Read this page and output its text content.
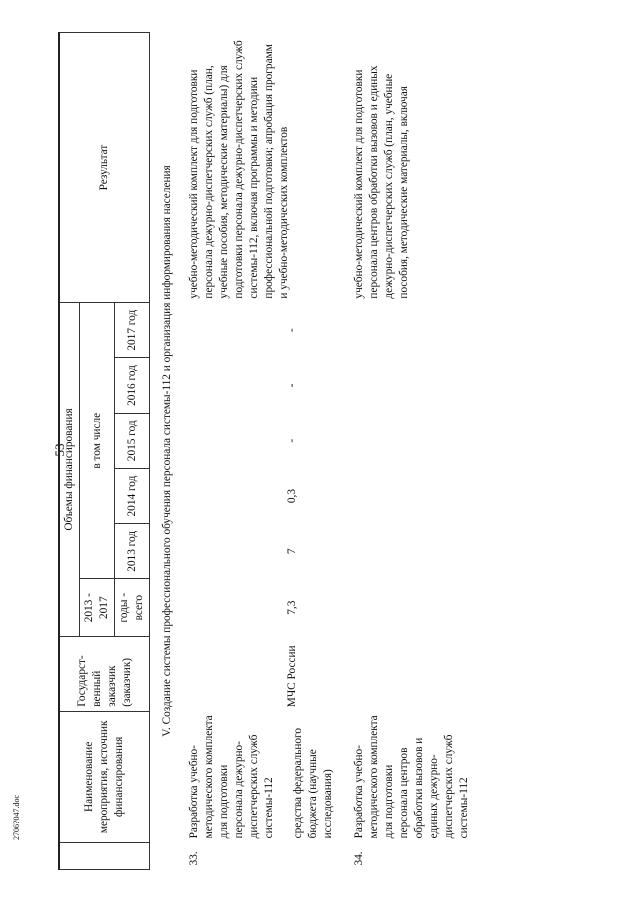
53
2706?047.doc
	Наименование мероприятия, источник финансирования	Государст-венный заказчик (заказчик)	Объемы финансирования						Результат
			2013 - 2017	в том числе					
			годы - всего	2013 год	2014 год	2015 год	2016 год	2017 год	
V. Создание системы профессионального обучения персонала системы-112 и организация информирования населения									
33.	Разработка учебно-методического комплекта для подготовки персонала дежурно-диспетчерских служб системы-112 средства федерального бюджета (научные исследования)	МЧС России	7,3	7	0,3	-	-	-	учебно-методический комплект для подготовки персонала дежурно-диспетчерских служб (план, учебные пособия, методические материалы) для подготовки персонала дежурно-диспетчерских служб системы-112, включая программы и методики профессиональной подготовки; апробация программ и учебно-методических комплектов
34.	Разработка учебно-методического комплекта для подготовки персонала центров обработки вызовов и единых дежурно-диспетчерских служб системы-112								учебно-методический комплект для подготовки персонала центров обработки вызовов и единых дежурно-диспетчерских служб (план, учебные пособия, методические материалы, включая
